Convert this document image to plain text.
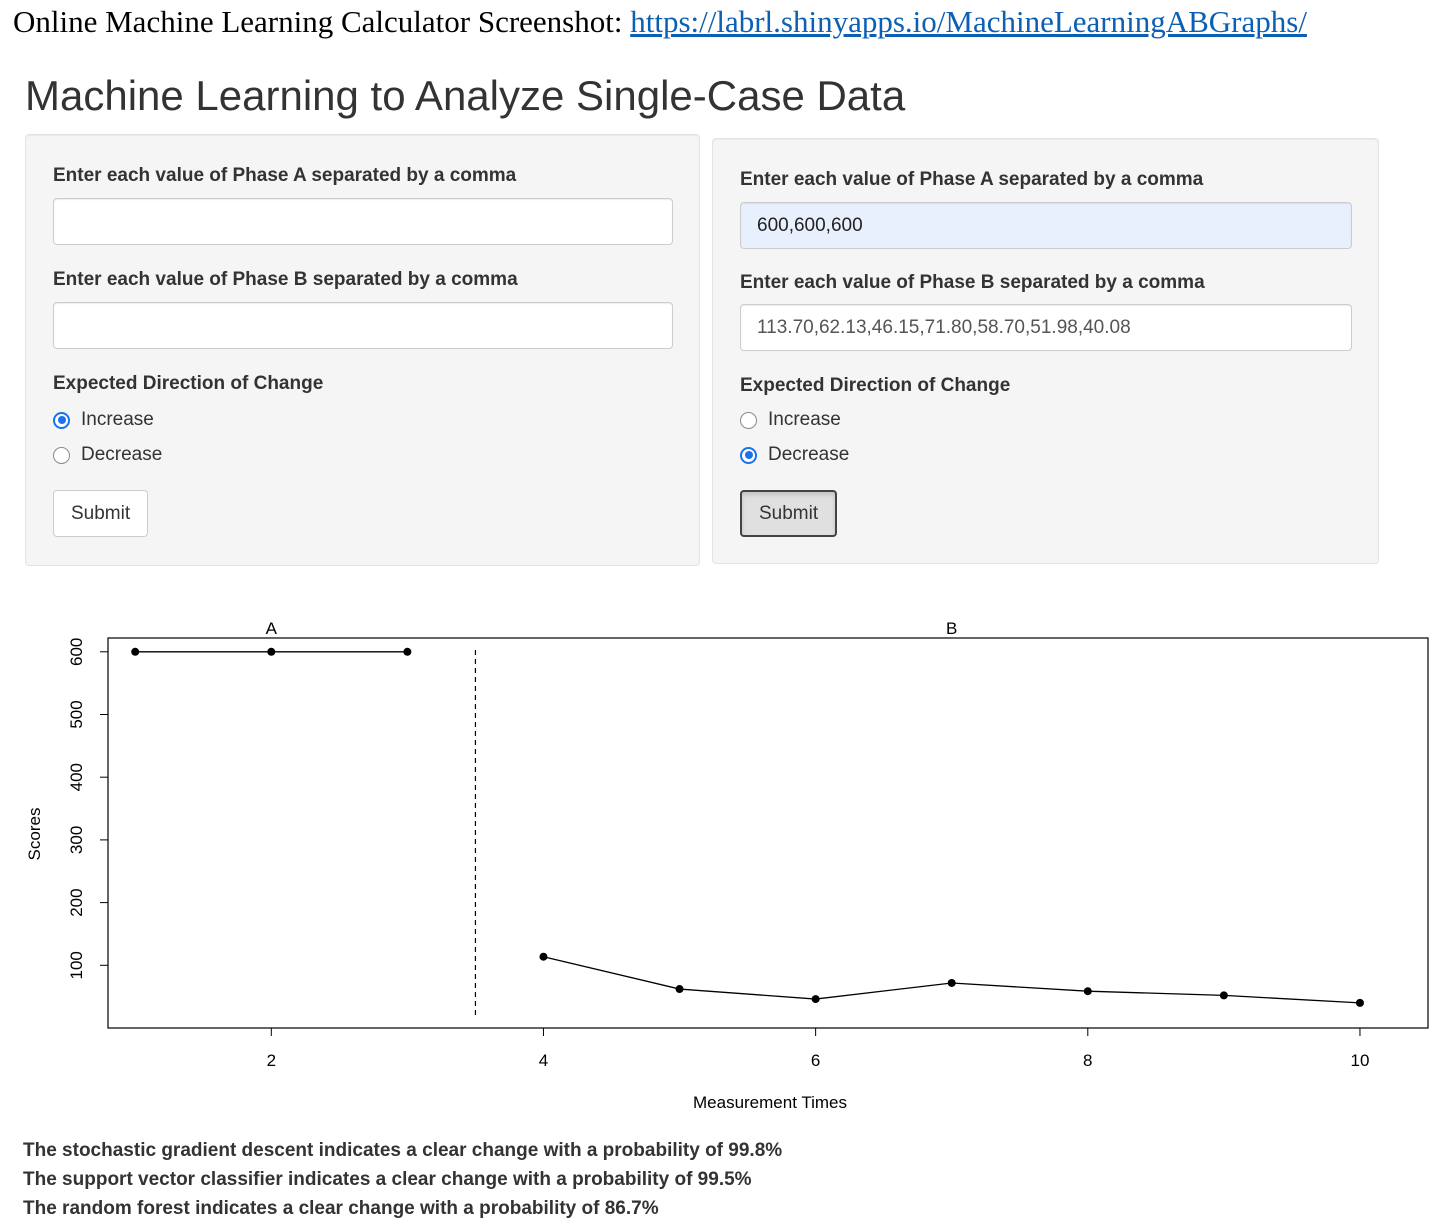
Online Machine Learning Calculator Screenshot: https://labrl.shinyapps.io/MachineLearningABGraphs/
Machine Learning to Analyze Single-Case Data
Enter each value of Phase A separated by a comma
Enter each value of Phase B separated by a comma
Expected Direction of Change
Increase
Decrease
Submit
Enter each value of Phase A separated by a comma
600,600,600
Enter each value of Phase B separated by a comma
113.70,62.13,46.15,71.80,58.70,51.98,40.08
Expected Direction of Change
Increase
Decrease
Submit
2	4	6	8	10
100
200
300
400
500
600
Measurement Times
Scores
A	B
The stochastic gradient descent indicates a clear change with a probability of 99.8%
The support vector classifier indicates a clear change with a probability of 99.5%
The random forest indicates a clear change with a probability of 86.7%
